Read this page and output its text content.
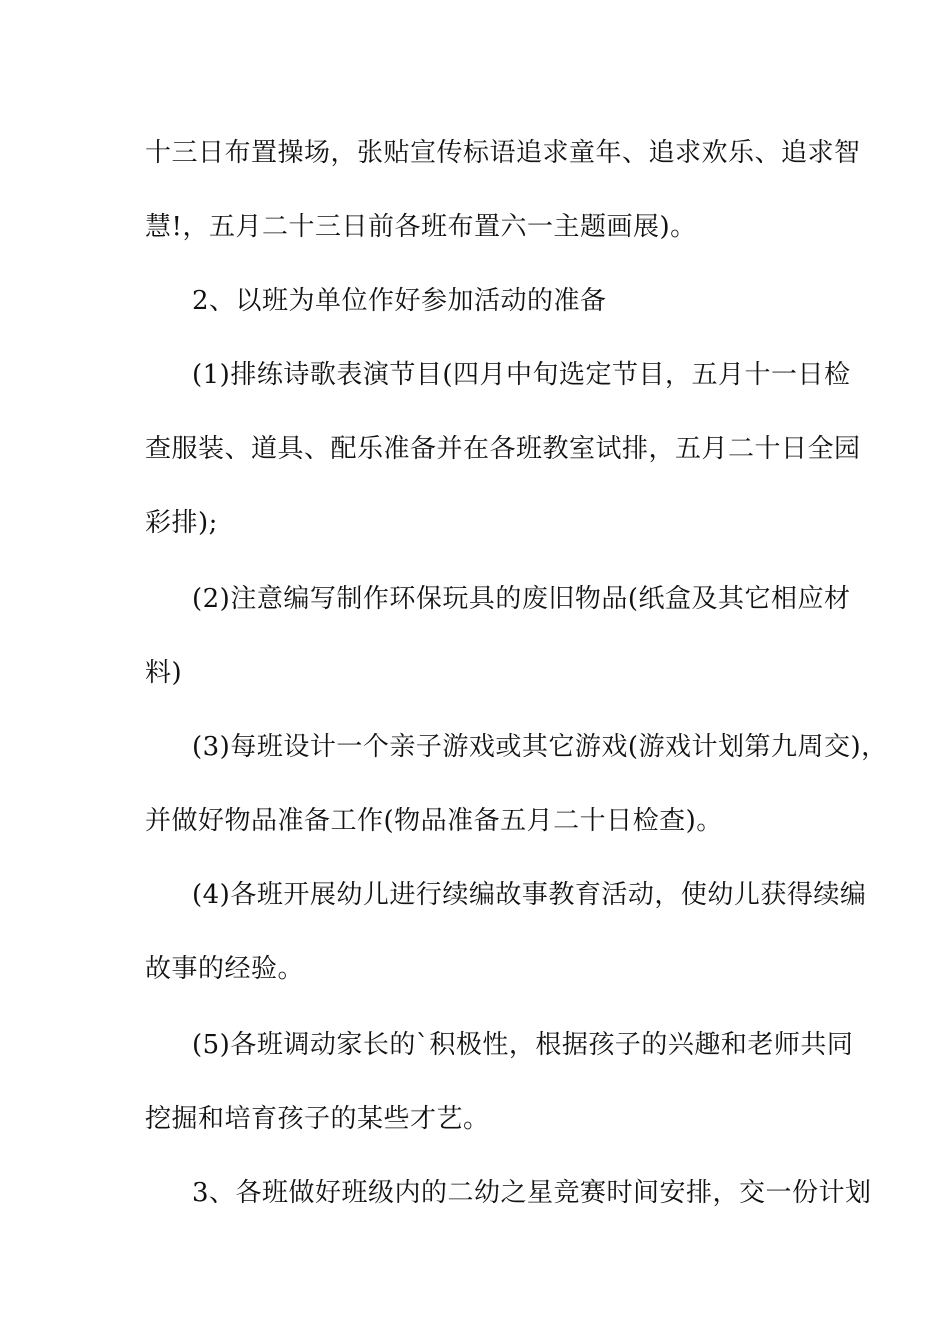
十三日布置操场，张贴宣传标语追求童年、追求欢乐、追求智

慧!，五月二十三日前各班布置六一主题画展)。

2、以班为单位作好参加活动的准备

(1)排练诗歌表演节目(四月中旬选定节目，五月十一日检

查服装、道具、配乐准备并在各班教室试排，五月二十日全园

彩排);

(2)注意编写制作环保玩具的废旧物品(纸盒及其它相应材

料)

(3)每班设计一个亲子游戏或其它游戏(游戏计划第九周交)，

并做好物品准备工作(物品准备五月二十日检查)。

(4)各班开展幼儿进行续编故事教育活动，使幼儿获得续编

故事的经验。

(5)各班调动家长的`积极性，根据孩子的兴趣和老师共同

挖掘和培育孩子的某些才艺。

3、各班做好班级内的二幼之星竞赛时间安排，交一份计划
